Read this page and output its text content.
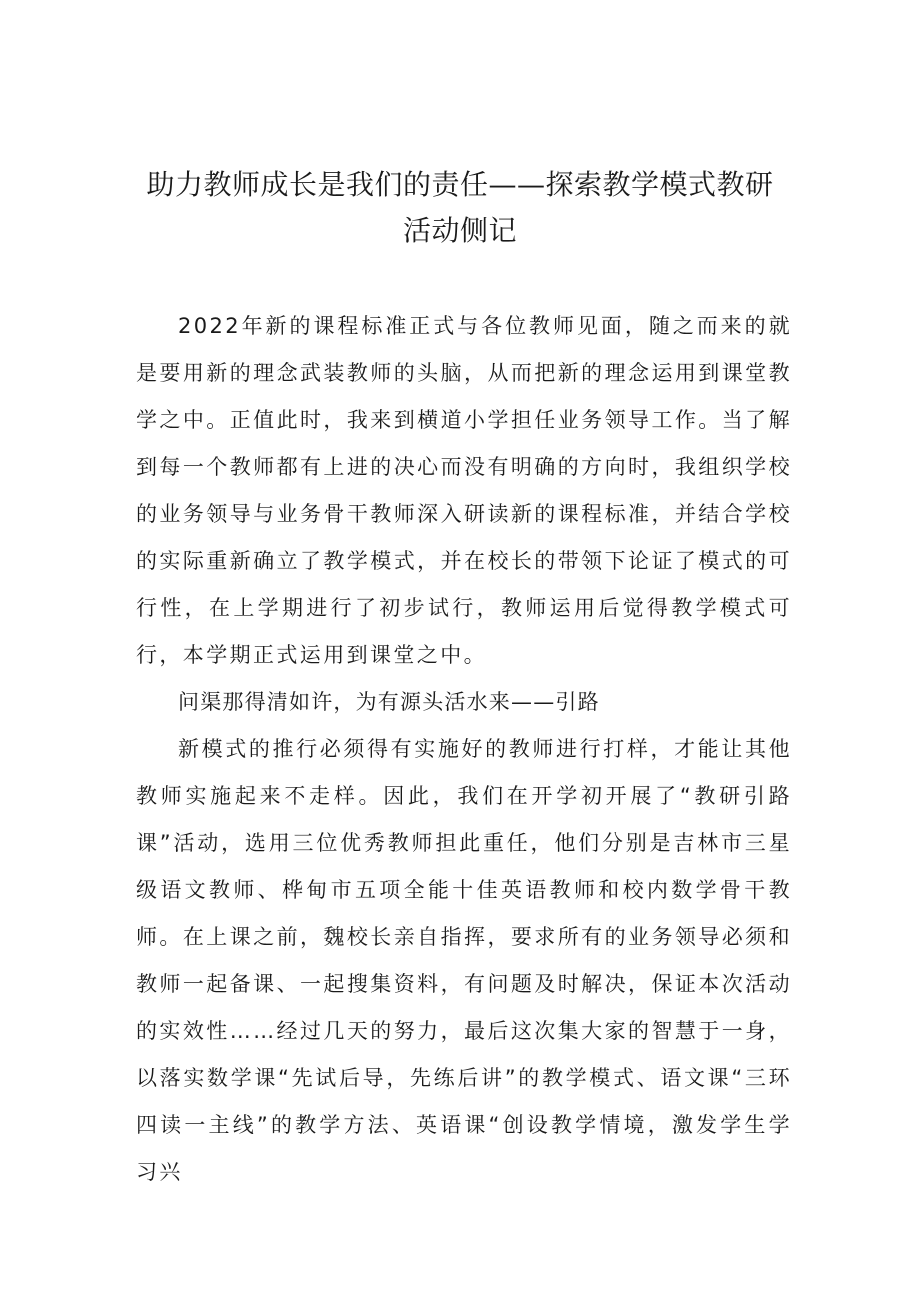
助力教师成长是我们的责任——探索教学模式教研
活动侧记

2022年新的课程标准正式与各位教师见面，随之而来的就是要用新的理念武装教师的头脑，从而把新的理念运用到课堂教学之中。正值此时，我来到横道小学担任业务领导工作。当了解到每一个教师都有上进的决心而没有明确的方向时，我组织学校的业务领导与业务骨干教师深入研读新的课程标准，并结合学校的实际重新确立了教学模式，并在校长的带领下论证了模式的可行性，在上学期进行了初步试行，教师运用后觉得教学模式可行，本学期正式运用到课堂之中。

问渠那得清如许，为有源头活水来——引路

新模式的推行必须得有实施好的教师进行打样，才能让其他教师实施起来不走样。因此，我们在开学初开展了“教研引路课”活动，选用三位优秀教师担此重任，他们分别是吉林市三星级语文教师、桦甸市五项全能十佳英语教师和校内数学骨干教师。在上课之前，魏校长亲自指挥，要求所有的业务领导必须和教师一起备课、一起搜集资料，有问题及时解决，保证本次活动的实效性……经过几天的努力，最后这次集大家的智慧于一身，以落实数学课“先试后导，先练后讲”的教学模式、语文课“三环四读一主线”的教学方法、英语课“创设教学情境，激发学生学习兴
